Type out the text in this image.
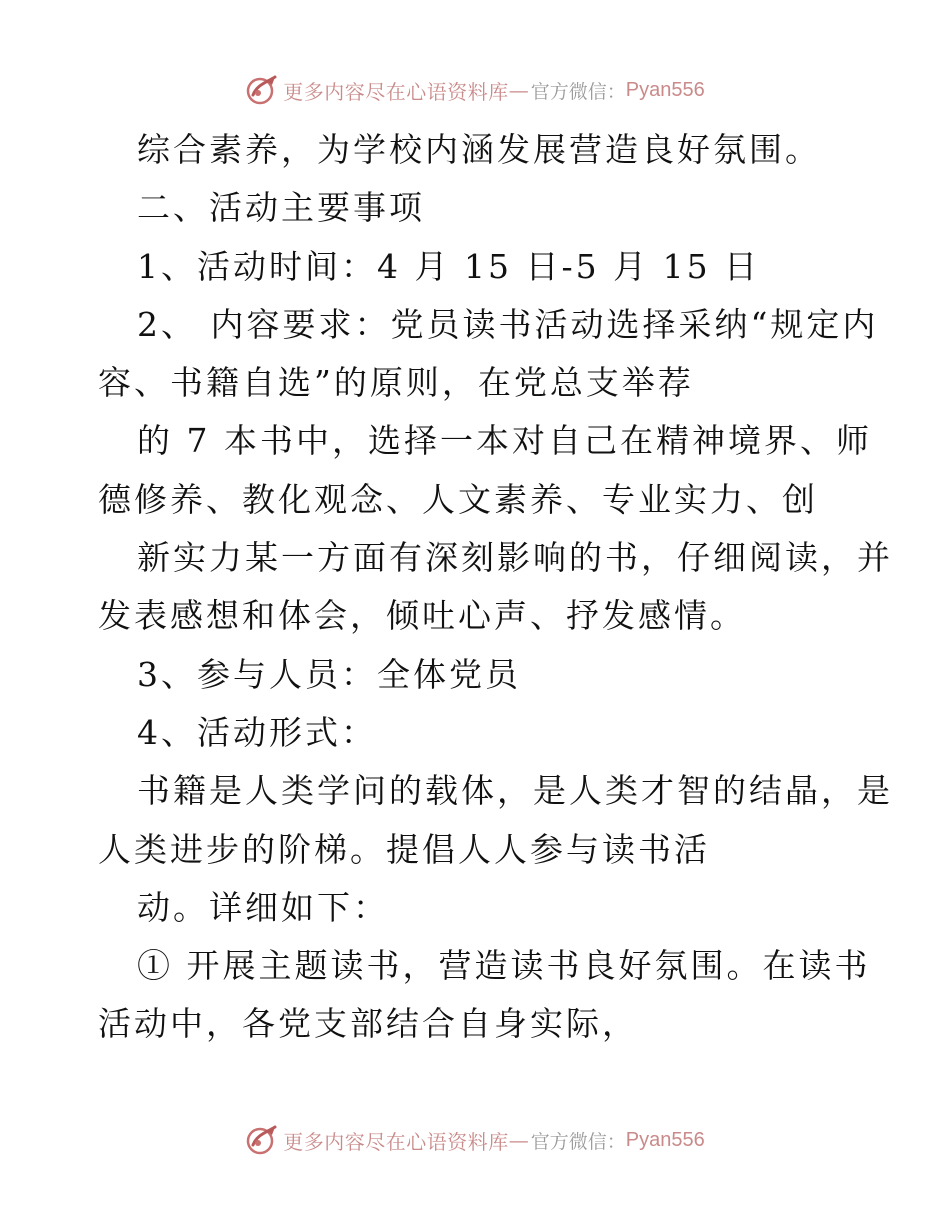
更多内容尽在心语资料库 — 官方微信 ： Pyan556
综合素养，为学校内涵发展营造良好氛围。
二、活动主要事项
1、活动时间：4 月 15 日-5 月 15 日
2、 内容要求：党员读书活动选择采纳“规定内
容、书籍自选”的原则，在党总支举荐
的 7 本书中，选择一本对自己在精神境界、师
德修养、教化观念、人文素养、专业实力、创
新实力某一方面有深刻影响的书，仔细阅读，并
发表感想和体会，倾吐心声、抒发感情。
3、参与人员：全体党员
4、活动形式：
书籍是人类学问的载体，是人类才智的结晶，是
人类进步的阶梯。提倡人人参与读书活
动。详细如下：
① 开展主题读书，营造读书良好氛围。在读书
活动中，各党支部结合自身实际，
更多内容尽在心语资料库 — 官方微信 ： Pyan556
